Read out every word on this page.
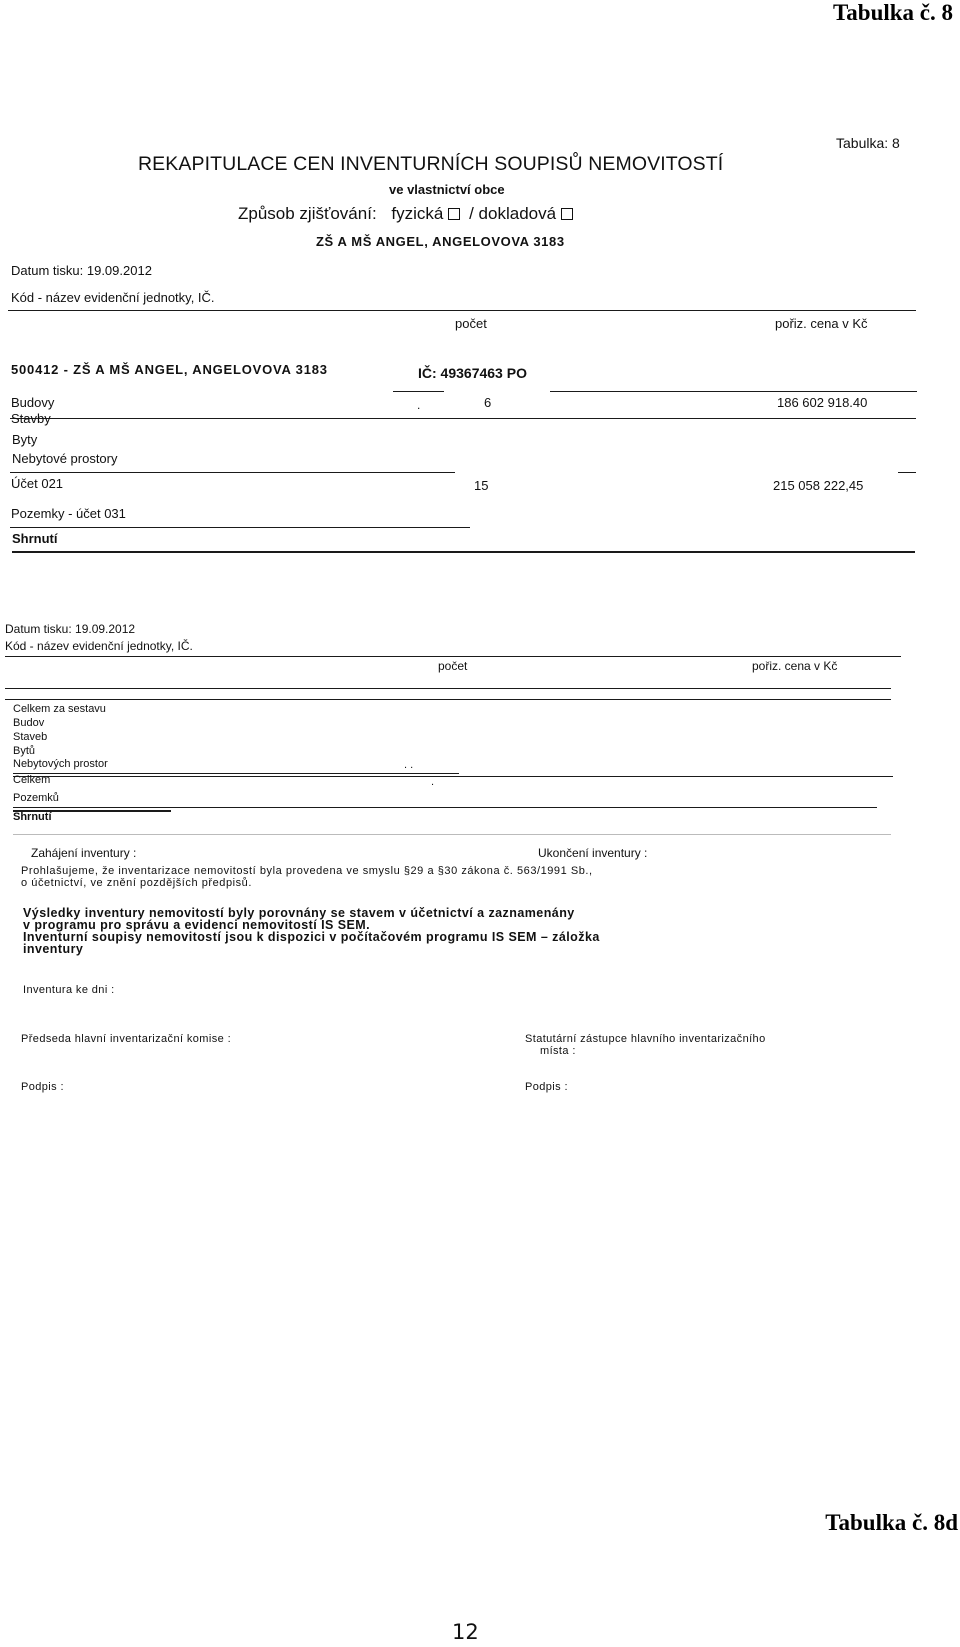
Tabulka č. 8
Tabulka: 8
REKAPITULACE CEN INVENTURNÍCH SOUPISŮ NEMOVITOSTÍ
ve vlastnictví obce
Způsob zjišťování: fyzická / dokladová
ZŠ A MŠ ANGEL, ANGELOVOVA 3183
Datum tisku: 19.09.2012
Kód - název evidenční jednotky, IČ.
počet	pořiz. cena v Kč
500412 - ZŠ A MŠ ANGEL, ANGELOVOVA 3183	IČ: 49367463 PO
Budovy	6	186 602 918.40
.
Stavby
Byty
Nebytové prostory
Účet 021	15	215 058 222,45
Pozemky - účet 031
Shrnutí
Datum tisku: 19.09.2012
Kód - název evidenční jednotky, IČ.
počet	pořiz. cena v Kč
Celkem za sestavu
Budov
Staveb
Bytů
Nebytových prostor	. .
.
Celkem
Pozemků
Shrnutí
Zahájení inventury :	Ukončení inventury :
Prohlašujeme, že inventarizace nemovitostí byla provedena ve smyslu §29 a §30 zákona č. 563/1991 Sb.,
o účetnictví, ve znění pozdějších předpisů.
Výsledky inventury nemovitostí byly porovnány se stavem v účetnictví a zaznamenány
v programu pro správu a evidenci nemovitostí IS SEM.
Inventurní soupisy nemovitostí jsou k dispozici v počítačovém programu IS SEM – záložka
inventury
Inventura ke dni :
Předseda hlavní inventarizační komise :	Statutární zástupce hlavního inventarizačního
místa :
Podpis :	Podpis :
Tabulka č. 8d
12
